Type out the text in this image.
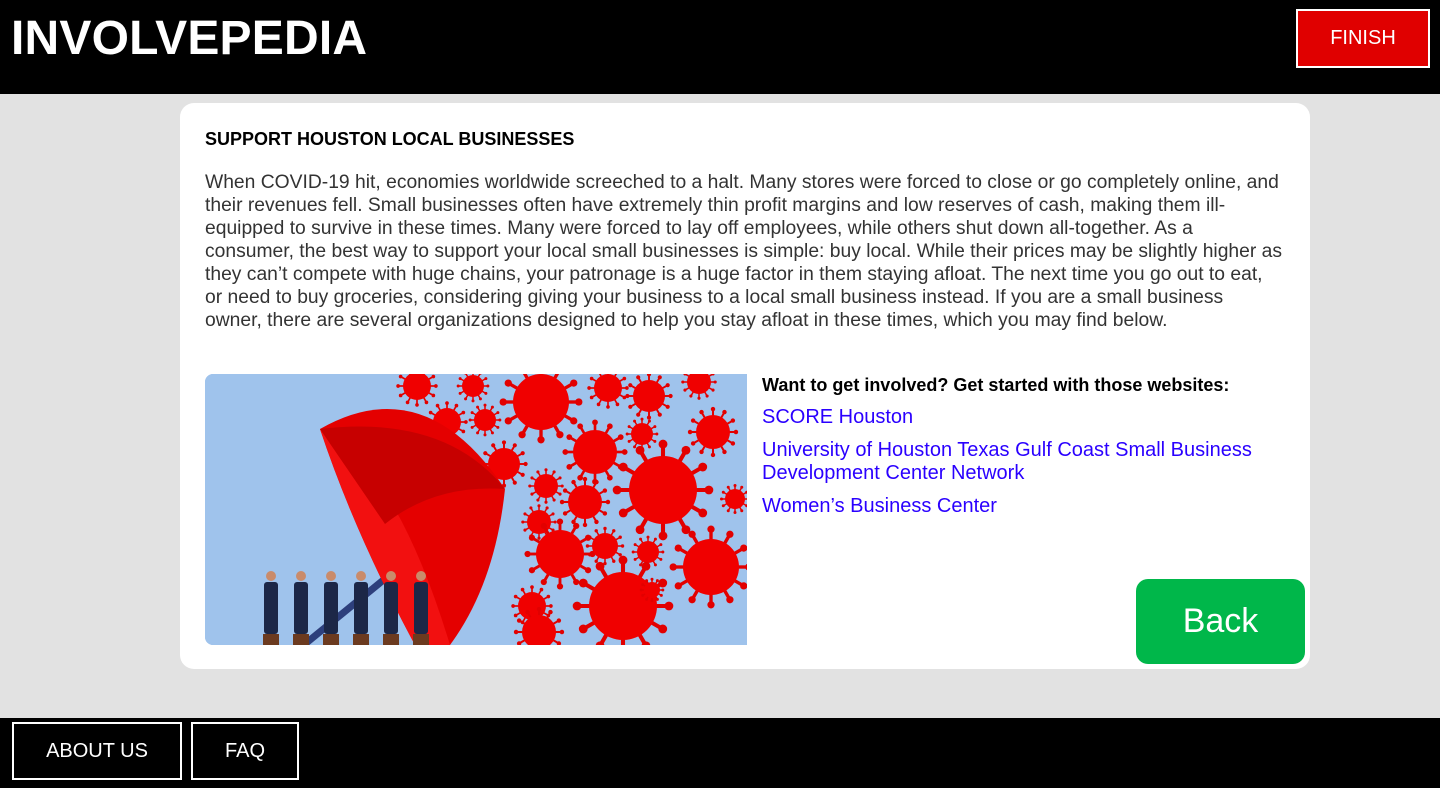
INVOLVEPEDIA	FINISH
SUPPORT HOUSTON LOCAL BUSINESSES

When COVID-19 hit, economies worldwide screeched to a halt. Many stores were forced to close or go completely online, and their revenues fell. Small businesses often have extremely thin profit margins and low reserves of cash, making them ill-equipped to survive in these times. Many were forced to lay off employees, while others shut down all-together. As a consumer, the best way to support your local small businesses is simple: buy local. While their prices may be slightly higher as they can’t compete with huge chains, your patronage is a huge factor in them staying afloat. The next time you go out to eat, or need to buy groceries, considering giving your business to a local small business instead. If you are a small business owner, there are several organizations designed to help you stay afloat in these times, which you may find below.

Want to get involved? Get started with those websites:
SCORE Houston
University of Houston Texas Gulf Coast Small Business Development Center Network
Women’s Business Center
Back
ABOUT US	FAQ
